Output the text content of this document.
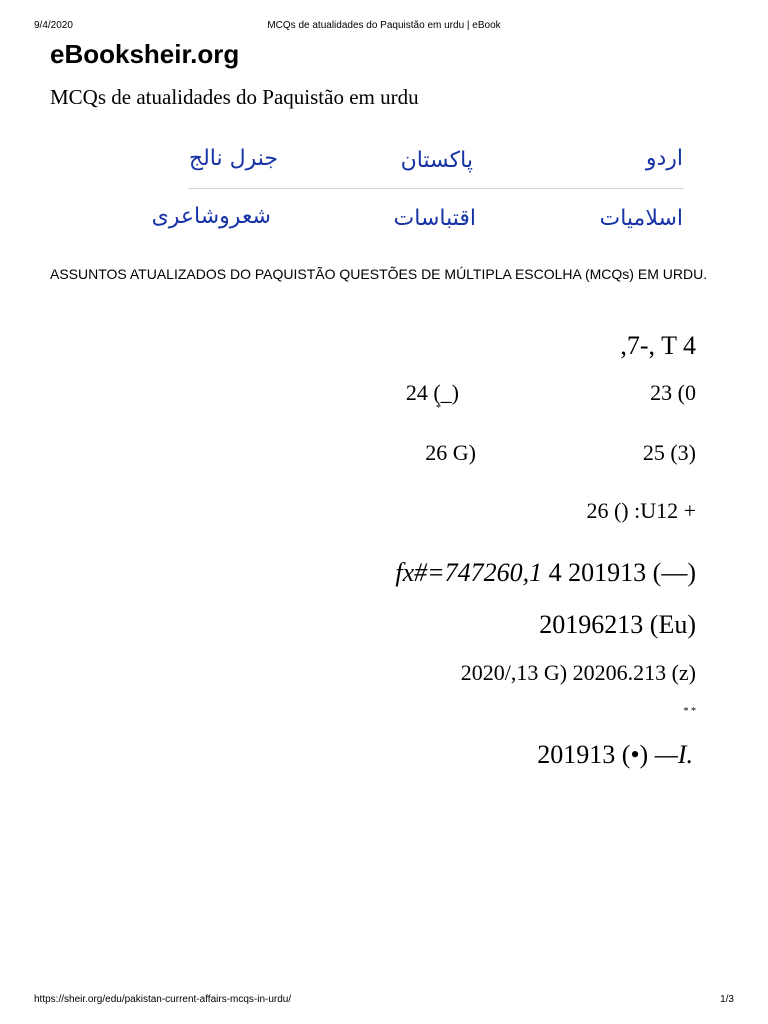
9/4/2020	MCQs de atualidades do Paquistão em urdu | eBook
eBooksheir.org
MCQs de atualidades do Paquistão em urdu
جنرل نالج	پاکستان	اردو
شعروشاعری	اقتباسات	اسلامیات
ASSUNTOS ATUALIZADOS DO PAQUISTÃO QUESTÕES DE MÚLTIPLA ESCOLHA (MCQs) EM URDU.
,7-, T 4
24 (_)	23 (0
*
26 G)	25 (3)
26 () :U12 +
fx#=747260,1 4 201913 (—)
20196213 (Eu)
2020/,13 G) 20206.213 (z)
* *
201913 (•) —I.
https://sheir.org/edu/pakistan-current-affairs-mcqs-in-urdu/	1/3
